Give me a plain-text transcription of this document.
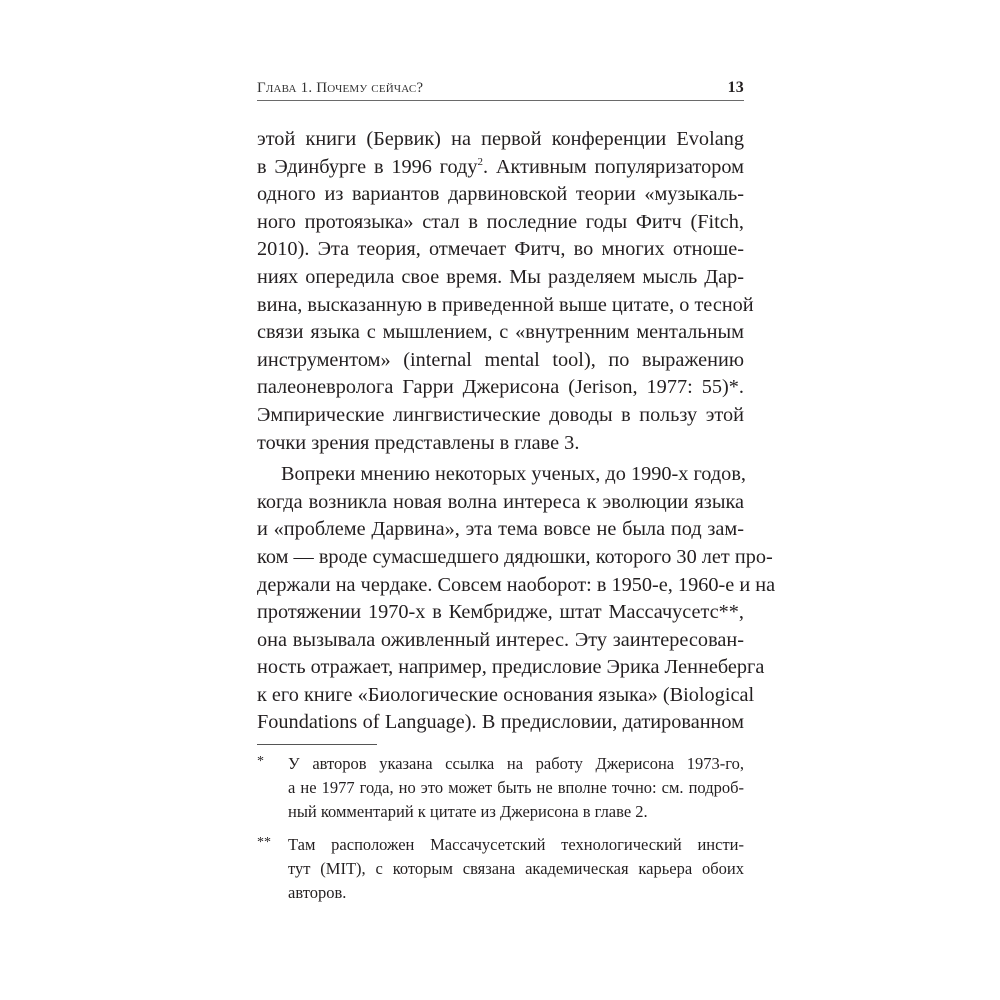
Глава 1. Почему сейчас?	13
этой книги (Бервик) на первой конференции Evolang
в Эдинбурге в 1996 году$^2$. Активным популяризатором
одного из вариантов дарвиновской теории «музыкаль-
ного протоязыка» стал в последние годы Фитч (Fitch,
2010). Эта теория, отмечает Фитч, во многих отноше-
ниях опередила свое время. Мы разделяем мысль Дар-
вина, высказанную в приведенной выше цитате, о тесной
связи языка с мышлением, с «внутренним ментальным
инструментом» (internal mental tool), по выражению
палеоневролога Гарри Джерисона (Jerison, 1977: 55)*.
Эмпирические лингвистические доводы в пользу этой
точки зрения представлены в главе 3.
Вопреки мнению некоторых ученых, до 1990-х годов,
когда возникла новая волна интереса к эволюции языка
и «проблеме Дарвина», эта тема вовсе не была под зам-
ком — вроде сумасшедшего дядюшки, которого 30 лет про-
держали на чердаке. Совсем наоборот: в 1950-е, 1960-е и на
протяжении 1970-х в Кембридже, штат Массачусетс**,
она вызывала оживленный интерес. Эту заинтересован-
ность отражает, например, предисловие Эрика Леннеберга
к его книге «Биологические основания языка» (Biological
Foundations of Language). В предисловии, датированном
* У авторов указана ссылка на работу Джерисона 1973-го,
а не 1977 года, но это может быть не вполне точно: см. подроб-
ный комментарий к цитате из Джерисона в главе 2.
** Там расположен Массачусетский технологический инсти-
тут (MIT), с которым связана академическая карьера обоих
авторов.
